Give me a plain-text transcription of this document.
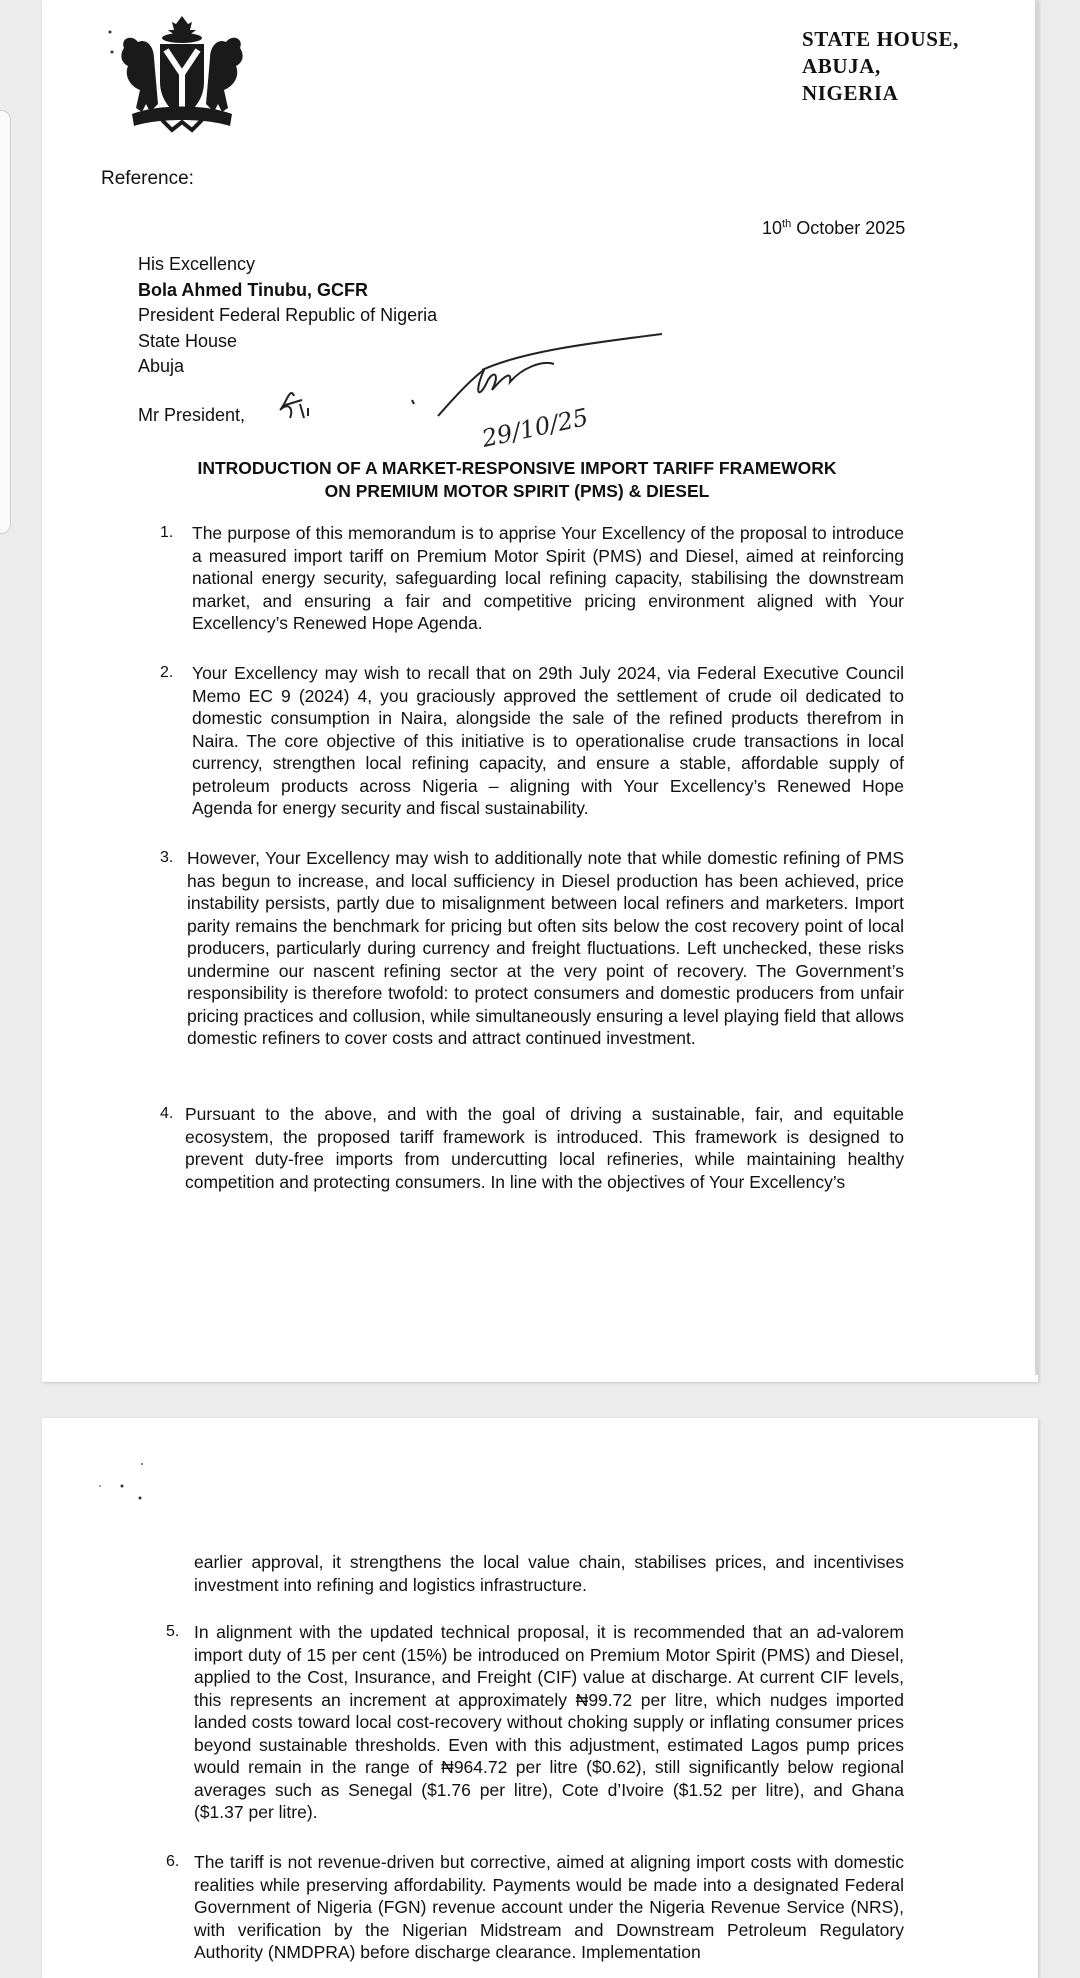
STATE HOUSE,
ABUJA,
NIGERIA
Reference:
10th October 2025
His Excellency
Bola Ahmed Tinubu, GCFR
President Federal Republic of Nigeria
State House
Abuja
Mr President,	29/10/25
INTRODUCTION OF A MARKET-RESPONSIVE IMPORT TARIFF FRAMEWORK
ON PREMIUM MOTOR SPIRIT (PMS) & DIESEL
1. The purpose of this memorandum is to apprise Your Excellency of the proposal to introduce a measured import tariff on Premium Motor Spirit (PMS) and Diesel, aimed at reinforcing national energy security, safeguarding local refining capacity, stabilising the downstream market, and ensuring a fair and competitive pricing environment aligned with Your Excellency’s Renewed Hope Agenda.
2. Your Excellency may wish to recall that on 29th July 2024, via Federal Executive Council Memo EC 9 (2024) 4, you graciously approved the settlement of crude oil dedicated to domestic consumption in Naira, alongside the sale of the refined products therefrom in Naira. The core objective of this initiative is to operationalise crude transactions in local currency, strengthen local refining capacity, and ensure a stable, affordable supply of petroleum products across Nigeria – aligning with Your Excellency’s Renewed Hope Agenda for energy security and fiscal sustainability.
3. However, Your Excellency may wish to additionally note that while domestic refining of PMS has begun to increase, and local sufficiency in Diesel production has been achieved, price instability persists, partly due to misalignment between local refiners and marketers. Import parity remains the benchmark for pricing but often sits below the cost recovery point of local producers, particularly during currency and freight fluctuations. Left unchecked, these risks undermine our nascent refining sector at the very point of recovery. The Government’s responsibility is therefore twofold: to protect consumers and domestic producers from unfair pricing practices and collusion, while simultaneously ensuring a level playing field that allows domestic refiners to cover costs and attract continued investment.
4. Pursuant to the above, and with the goal of driving a sustainable, fair, and equitable ecosystem, the proposed tariff framework is introduced. This framework is designed to prevent duty-free imports from undercutting local refineries, while maintaining healthy competition and protecting consumers. In line with the objectives of Your Excellency’s
earlier approval, it strengthens the local value chain, stabilises prices, and incentivises investment into refining and logistics infrastructure.
5. In alignment with the updated technical proposal, it is recommended that an ad-valorem import duty of 15 per cent (15%) be introduced on Premium Motor Spirit (PMS) and Diesel, applied to the Cost, Insurance, and Freight (CIF) value at discharge. At current CIF levels, this represents an increment at approximately ₦99.72 per litre, which nudges imported landed costs toward local cost-recovery without choking supply or inflating consumer prices beyond sustainable thresholds. Even with this adjustment, estimated Lagos pump prices would remain in the range of ₦964.72 per litre ($0.62), still significantly below regional averages such as Senegal ($1.76 per litre), Cote d’Ivoire ($1.52 per litre), and Ghana ($1.37 per litre).
6. The tariff is not revenue-driven but corrective, aimed at aligning import costs with domestic realities while preserving affordability. Payments would be made into a designated Federal Government of Nigeria (FGN) revenue account under the Nigeria Revenue Service (NRS), with verification by the Nigerian Midstream and Downstream Petroleum Regulatory Authority (NMDPRA) before discharge clearance. Implementation
